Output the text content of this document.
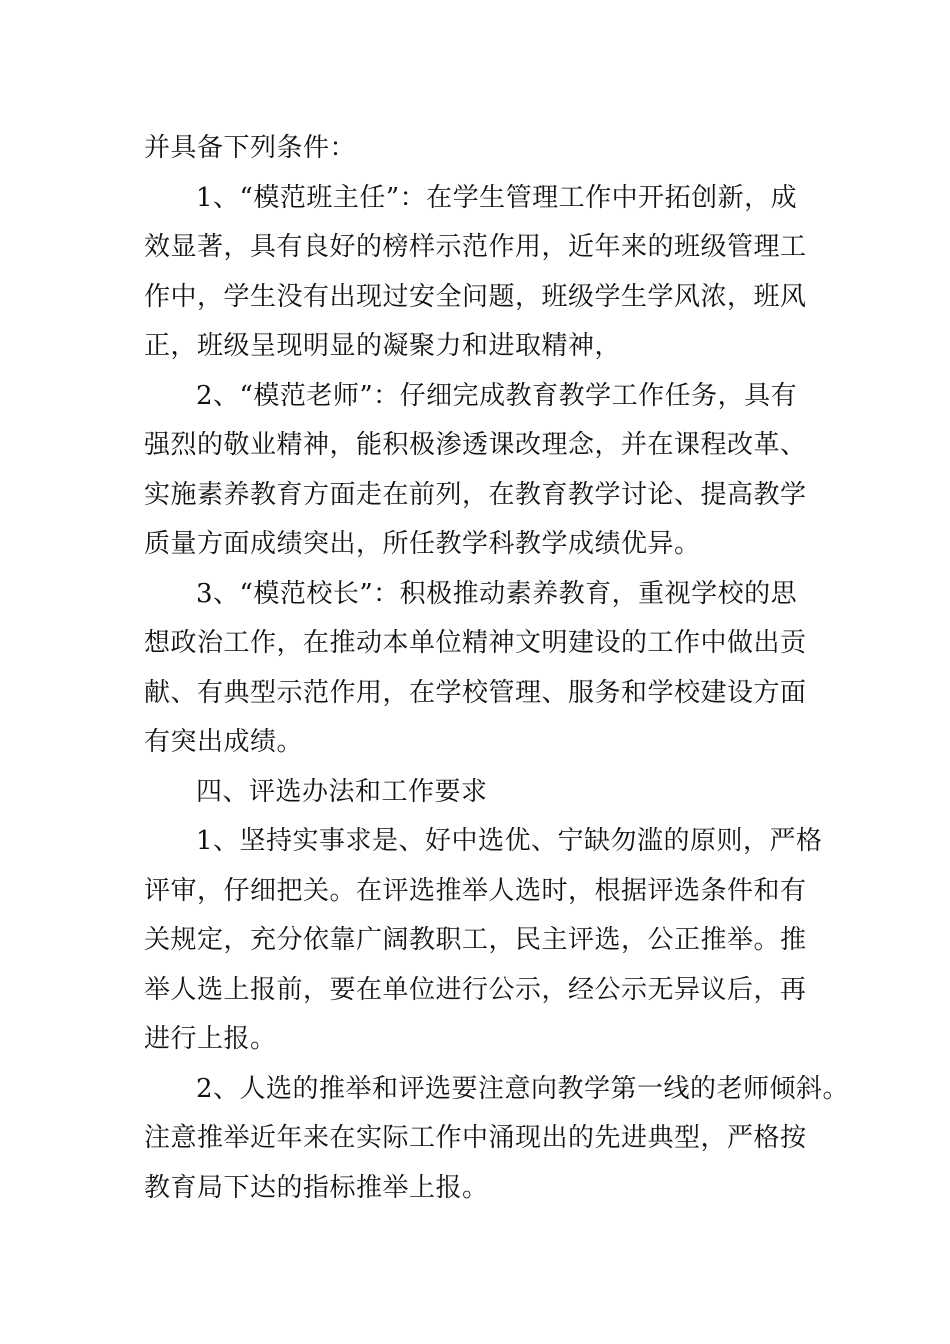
并具备下列条件：

1、“模范班主任”：在学生管理工作中开拓创新，成
效显著，具有良好的榜样示范作用，近年来的班级管理工
作中，学生没有出现过安全问题，班级学生学风浓，班风
正，班级呈现明显的凝聚力和进取精神，

2、“模范老师”：仔细完成教育教学工作任务，具有
强烈的敬业精神，能积极渗透课改理念，并在课程改革、
实施素养教育方面走在前列，在教育教学讨论、提高教学
质量方面成绩突出，所任教学科教学成绩优异。

3、“模范校长”：积极推动素养教育，重视学校的思
想政治工作，在推动本单位精神文明建设的工作中做出贡
献、有典型示范作用，在学校管理、服务和学校建设方面
有突出成绩。

四、评选办法和工作要求

1、坚持实事求是、好中选优、宁缺勿滥的原则，严格
评审，仔细把关。在评选推举人选时，根据评选条件和有
关规定，充分依靠广阔教职工，民主评选，公正推举。推
举人选上报前，要在单位进行公示，经公示无异议后，再
进行上报。

2、人选的推举和评选要注意向教学第一线的老师倾斜。
注意推举近年来在实际工作中涌现出的先进典型，严格按
教育局下达的指标推举上报。
